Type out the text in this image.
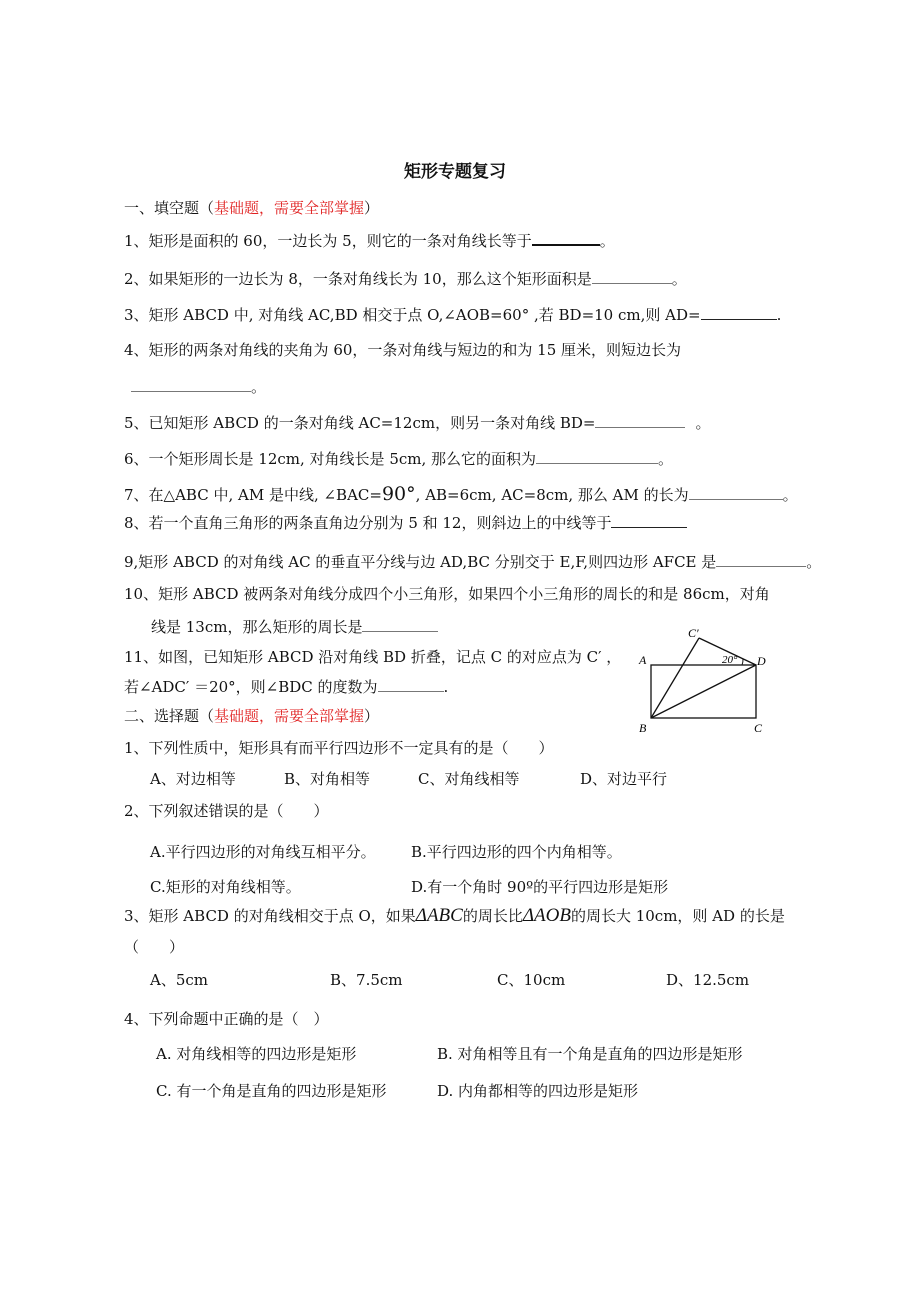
矩形专题复习
一、填空题（基础题，需要全部掌握）
1、矩形是面积的 60，一边长为 5，则它的一条对角线长等于	。
2、如果矩形的一边长为 8，一条对角线长为 10，那么这个矩形面积是	。
3、矩形 ABCD 中, 对角线 AC,BD 相交于点 O,∠AOB=60° ,若 BD=10 cm,则 AD=	.
4、矩形的两条对角线的夹角为 60，一条对角线与短边的和为 15 厘米，则短边长为
。
5、已知矩形 ABCD 的一条对角线 AC=12cm，则另一条对角线 BD=	。
6、一个矩形周长是 12cm, 对角线长是 5cm, 那么它的面积为	。
7、在△ABC 中, AM 是中线, ∠BAC=90°, AB=6cm, AC=8cm, 那么 AM 的长为	。
8、若一个直角三角形的两条直角边分别为 5 和 12，则斜边上的中线等于
9,矩形 ABCD 的对角线 AC 的垂直平分线与边 AD,BC 分别交于 E,F,则四边形 AFCE 是	。
10、矩形 ABCD 被两条对角线分成四个小三角形，如果四个小三角形的周长的和是 86cm，对角
线是 13cm，那么矩形的周长是
11、如图，已知矩形 ABCD 沿对角线 BD 折叠，记点 C 的对应点为 C′ ，
若∠ADC′ ＝20°，则∠BDC 的度数为	.
A
B	C
D
C′
20°
二、选择题（基础题，需要全部掌握）
1、下列性质中，矩形具有而平行四边形不一定具有的是（　　）
A、对边相等	B、对角相等	C、对角线相等	D、对边平行
2、下列叙述错误的是（　　）
A.平行四边形的对角线互相平分。 B.平行四边形的四个内角相等。
C.矩形的对角线相等。	D.有一个角时 90º的平行四边形是矩形
3、矩形 ABCD 的对角线相交于点 O，如果ΔABC的周长比ΔAOB的周长大 10cm，则 AD 的长是
（　　）
A、5cm	B、7.5cm	C、10cm	D、12.5cm
4、下列命题中正确的是（　）
A. 对角线相等的四边形是矩形	B. 对角相等且有一个角是直角的四边形是矩形
C. 有一个角是直角的四边形是矩形	D. 内角都相等的四边形是矩形
